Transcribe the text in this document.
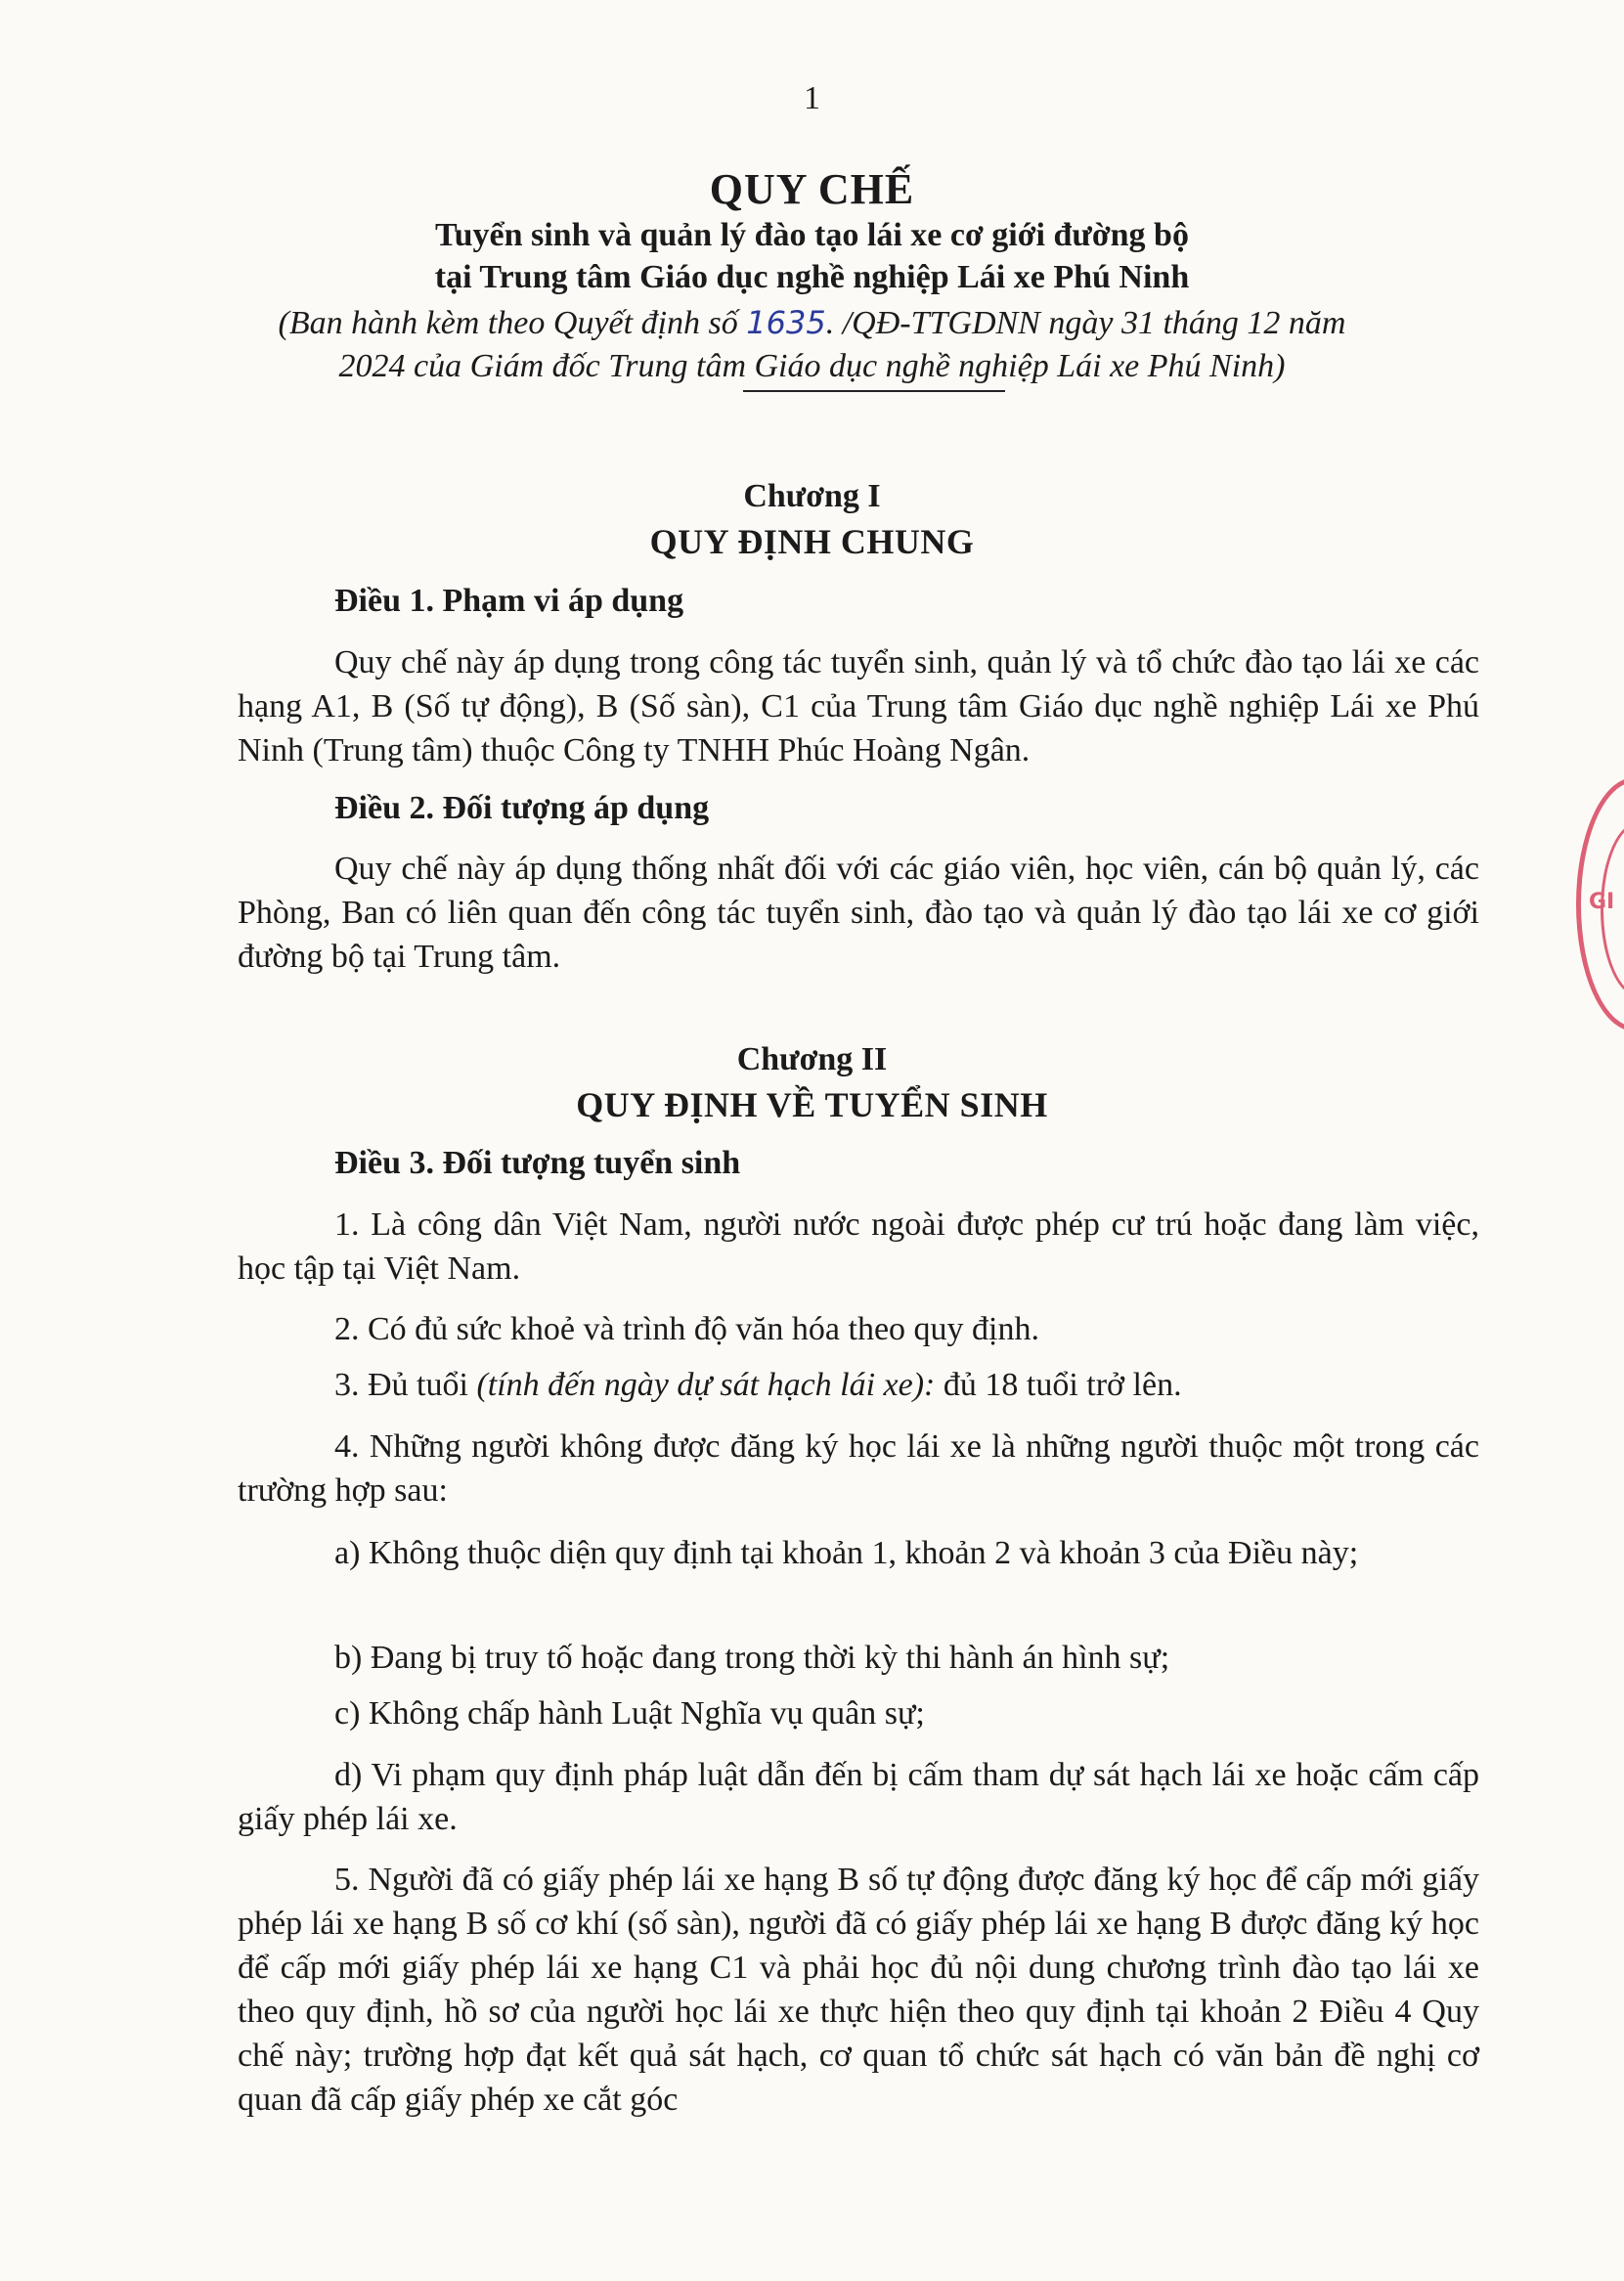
1
QUY CHẾ
Tuyển sinh và quản lý đào tạo lái xe cơ giới đường bộ
tại Trung tâm Giáo dục nghề nghiệp Lái xe Phú Ninh
(Ban hành kèm theo Quyết định số 1635. /QĐ-TTGDNN ngày 31 tháng 12 năm
2024 của Giám đốc Trung tâm Giáo dục nghề nghiệp Lái xe Phú Ninh)
Chương I
QUY ĐỊNH CHUNG
Điều 1. Phạm vi áp dụng
Quy chế này áp dụng trong công tác tuyển sinh, quản lý và tổ chức đào tạo lái xe các hạng A1, B (Số tự động), B (Số sàn), C1 của Trung tâm Giáo dục nghề nghiệp Lái xe Phú Ninh (Trung tâm) thuộc Công ty TNHH Phúc Hoàng Ngân.
Điều 2. Đối tượng áp dụng
Quy chế này áp dụng thống nhất đối với các giáo viên, học viên, cán bộ quản lý, các Phòng, Ban có liên quan đến công tác tuyển sinh, đào tạo và quản lý đào tạo lái xe cơ giới đường bộ tại Trung tâm.
Chương II
QUY ĐỊNH VỀ TUYỂN SINH
Điều 3. Đối tượng tuyển sinh
1. Là công dân Việt Nam, người nước ngoài được phép cư trú hoặc đang làm việc, học tập tại Việt Nam.
2. Có đủ sức khoẻ và trình độ văn hóa theo quy định.
3. Đủ tuổi (tính đến ngày dự sát hạch lái xe): đủ 18 tuổi trở lên.
4. Những người không được đăng ký học lái xe là những người thuộc một trong các trường hợp sau:
a) Không thuộc diện quy định tại khoản 1, khoản 2 và khoản 3 của Điều này;
b) Đang bị truy tố hoặc đang trong thời kỳ thi hành án hình sự;
c) Không chấp hành Luật Nghĩa vụ quân sự;
d) Vi phạm quy định pháp luật dẫn đến bị cấm tham dự sát hạch lái xe hoặc cấm cấp giấy phép lái xe.
5. Người đã có giấy phép lái xe hạng B số tự động được đăng ký học để cấp mới giấy phép lái xe hạng B số cơ khí (số sàn), người đã có giấy phép lái xe hạng B được đăng ký học để cấp mới giấy phép lái xe hạng C1 và phải học đủ nội dung chương trình đào tạo lái xe theo quy định, hồ sơ của người học lái xe thực hiện theo quy định tại khoản 2 Điều 4 Quy chế này; trường hợp đạt kết quả sát hạch, cơ quan tổ chức sát hạch có văn bản đề nghị cơ quan đã cấp giấy phép xe cắt góc
GI
